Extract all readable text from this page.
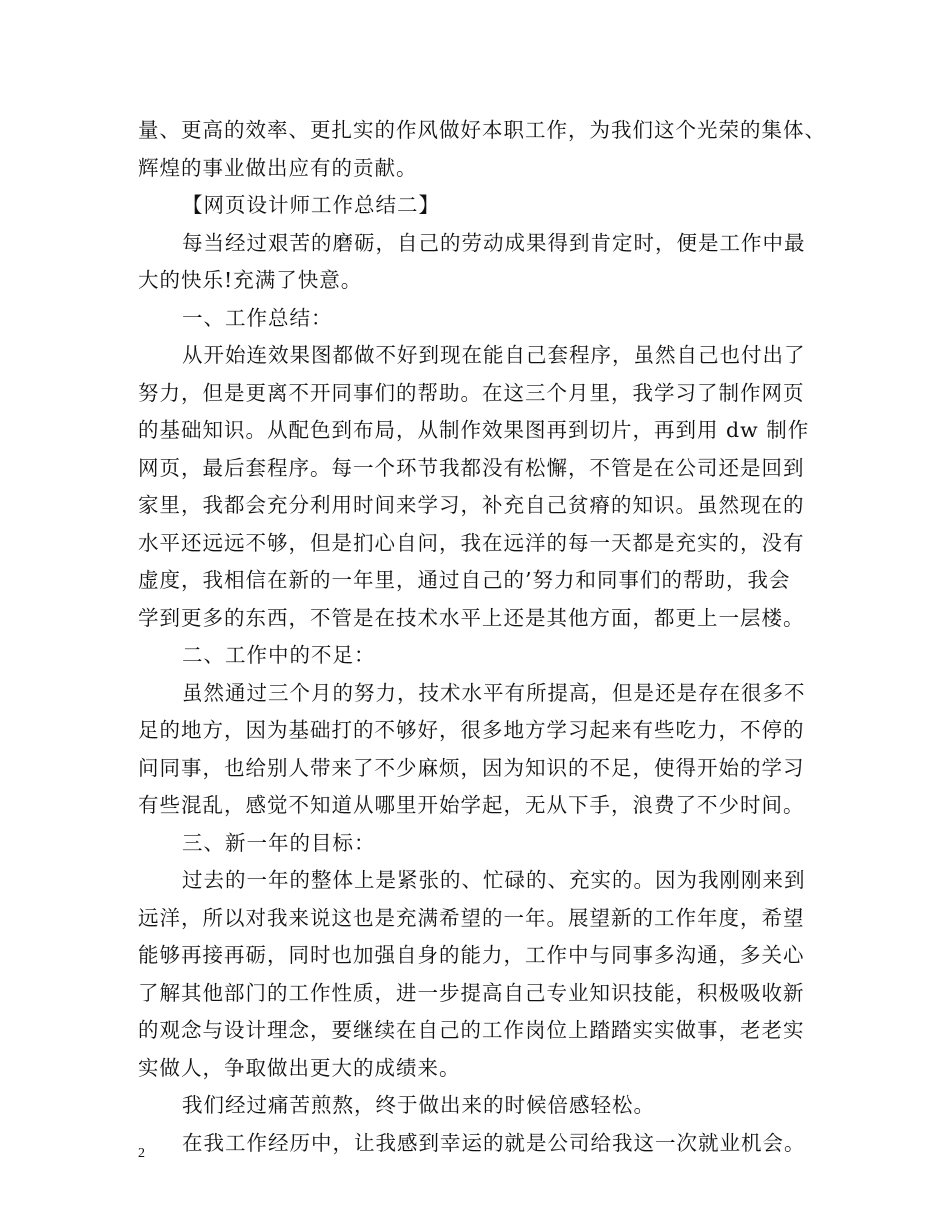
量、更高的效率、更扎实的作风做好本职工作，为我们这个光荣的集体、
辉煌的事业做出应有的贡献。
【网页设计师工作总结二】
每当经过艰苦的磨砺，自己的劳动成果得到肯定时，便是工作中最
大的快乐!充满了快意。
一、工作总结：
从开始连效果图都做不好到现在能自己套程序，虽然自己也付出了
努力，但是更离不开同事们的帮助。在这三个月里，我学习了制作网页
的基础知识。从配色到布局，从制作效果图再到切片，再到用 dw 制作
网页，最后套程序。每一个环节我都没有松懈，不管是在公司还是回到
家里，我都会充分利用时间来学习，补充自己贫瘠的知识。虽然现在的
水平还远远不够，但是扪心自问，我在远洋的每一天都是充实的，没有
虚度，我相信在新的一年里，通过自己的’努力和同事们的帮助，我会
学到更多的东西，不管是在技术水平上还是其他方面，都更上一层楼。
二、工作中的不足：
虽然通过三个月的努力，技术水平有所提高，但是还是存在很多不
足的地方，因为基础打的不够好，很多地方学习起来有些吃力，不停的
问同事，也给别人带来了不少麻烦，因为知识的不足，使得开始的学习
有些混乱，感觉不知道从哪里开始学起，无从下手，浪费了不少时间。
三、新一年的目标：
过去的一年的整体上是紧张的、忙碌的、充实的。因为我刚刚来到
远洋，所以对我来说这也是充满希望的一年。展望新的工作年度，希望
能够再接再砺，同时也加强自身的能力，工作中与同事多沟通，多关心
了解其他部门的工作性质，进一步提高自己专业知识技能，积极吸收新
的观念与设计理念，要继续在自己的工作岗位上踏踏实实做事，老老实
实做人，争取做出更大的成绩来。
我们经过痛苦煎熬，终于做出来的时候倍感轻松。
在我工作经历中，让我感到幸运的就是公司给我这一次就业机会。
2
